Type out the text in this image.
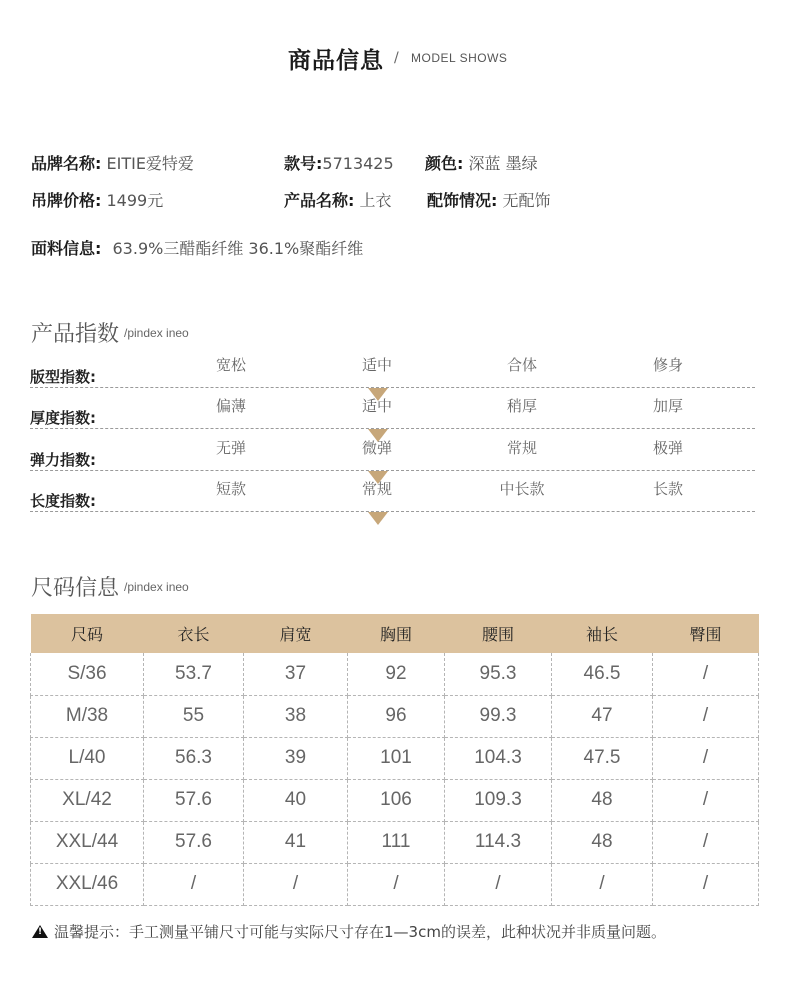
商品信息 / MODEL SHOWS
品牌名称: EITIE爱特爱	款号:5713425 颜色: 深蓝 墨绿
吊牌价格: 1499元	产品名称: 上衣 配饰情况: 无配饰
面料信息: 63.9%三醋酯纤维 36.1%聚酯纤维
产品指数 /pindex ineo
版型指数:
宽松	适中	合体	修身
厚度指数:
偏薄	适中	稍厚	加厚
弹力指数:
无弹	微弹	常规	极弹
长度指数:
短款	常规	中长款	长款
尺码信息 /pindex ineo
尺码	衣长	肩宽	胸围	腰围	袖长	臀围
S/36	53.7	37	92	95.3	46.5	/
M/38	55	38	96	99.3	47	/
L/40	56.3	39	101	104.3	47.5	/
XL/42	57.6	40	106	109.3	48	/
XXL/44	57.6	41	111	114.3	48	/
XXL/46	/	/	/	/	/	/
!温馨提示：手工测量平铺尺寸可能与实际尺寸存在1—3cm的误差，此种状况并非质量问题。
